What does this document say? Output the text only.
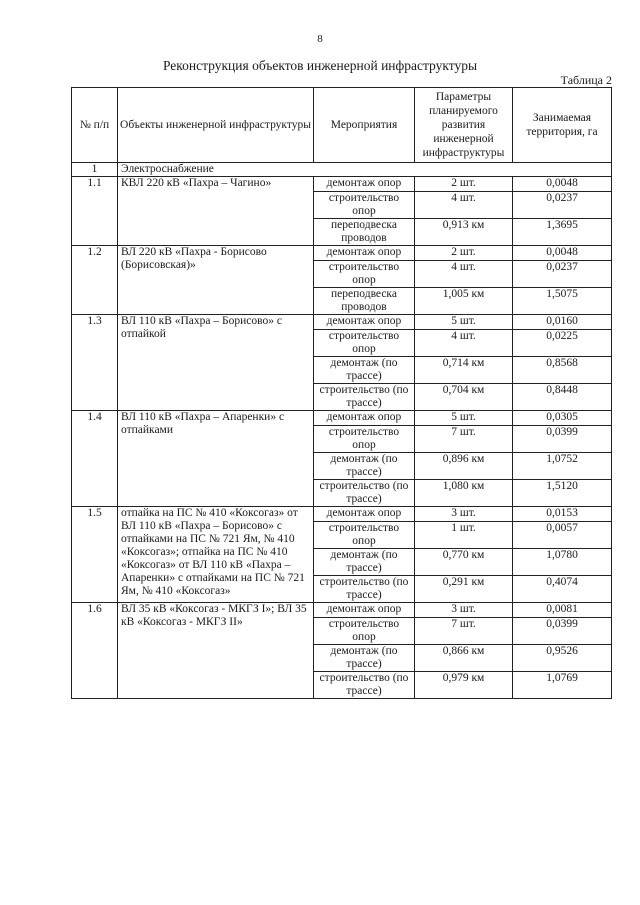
8
Реконструкция объектов инженерной инфраструктуры
Таблица 2
№ п/п	Объекты инженерной инфраструктуры	Мероприятия	Параметры планируемого развития инженерной инфраструктуры	Занимаемая территория, га
1	Электроснабжение			
1.1	КВЛ 220 кВ «Пахра – Чагино»	демонтаж опор	2 шт.	0,0048
		строительство опор	4 шт.	0,0237
		переподвеска проводов	0,913 км	1,3695
1.2	ВЛ 220 кВ «Пахра - Борисово (Борисовская)»	демонтаж опор	2 шт.	0,0048
		строительство опор	4 шт.	0,0237
		переподвеска проводов	1,005 км	1,5075
1.3	ВЛ 110 кВ «Пахра – Борисово» с отпайкой	демонтаж опор	5 шт.	0,0160
		строительство опор	4 шт.	0,0225
		демонтаж (по трассе)	0,714 км	0,8568
		строительство (по трассе)	0,704 км	0,8448
1.4	ВЛ 110 кВ «Пахра – Апаренки» с отпайками	демонтаж опор	5 шт.	0,0305
		строительство опор	7 шт.	0,0399
		демонтаж (по трассе)	0,896 км	1,0752
		строительство (по трассе)	1,080 км	1,5120
1.5	отпайка на ПС № 410 «Коксогаз» от ВЛ 110 кВ «Пахра – Борисово» с отпайками на ПС № 721 Ям, № 410 «Коксогаз»; отпайка на ПС № 410 «Коксогаз» от ВЛ 110 кВ «Пахра – Апаренки» с отпайками на ПС № 721 Ям, № 410 «Коксогаз»	демонтаж опор	3 шт.	0,0153
		строительство опор	1 шт.	0,0057
		демонтаж (по трассе)	0,770 км	1,0780
		строительство (по трассе)	0,291 км	0,4074
1.6	ВЛ 35 кВ «Коксогаз - МКГЗ I»; ВЛ 35 кВ «Коксогаз - МКГЗ II»	демонтаж опор	3 шт.	0,0081
		строительство опор	7 шт.	0,0399
		демонтаж (по трассе)	0,866 км	0,9526
		строительство (по трассе)	0,979 км	1,0769
